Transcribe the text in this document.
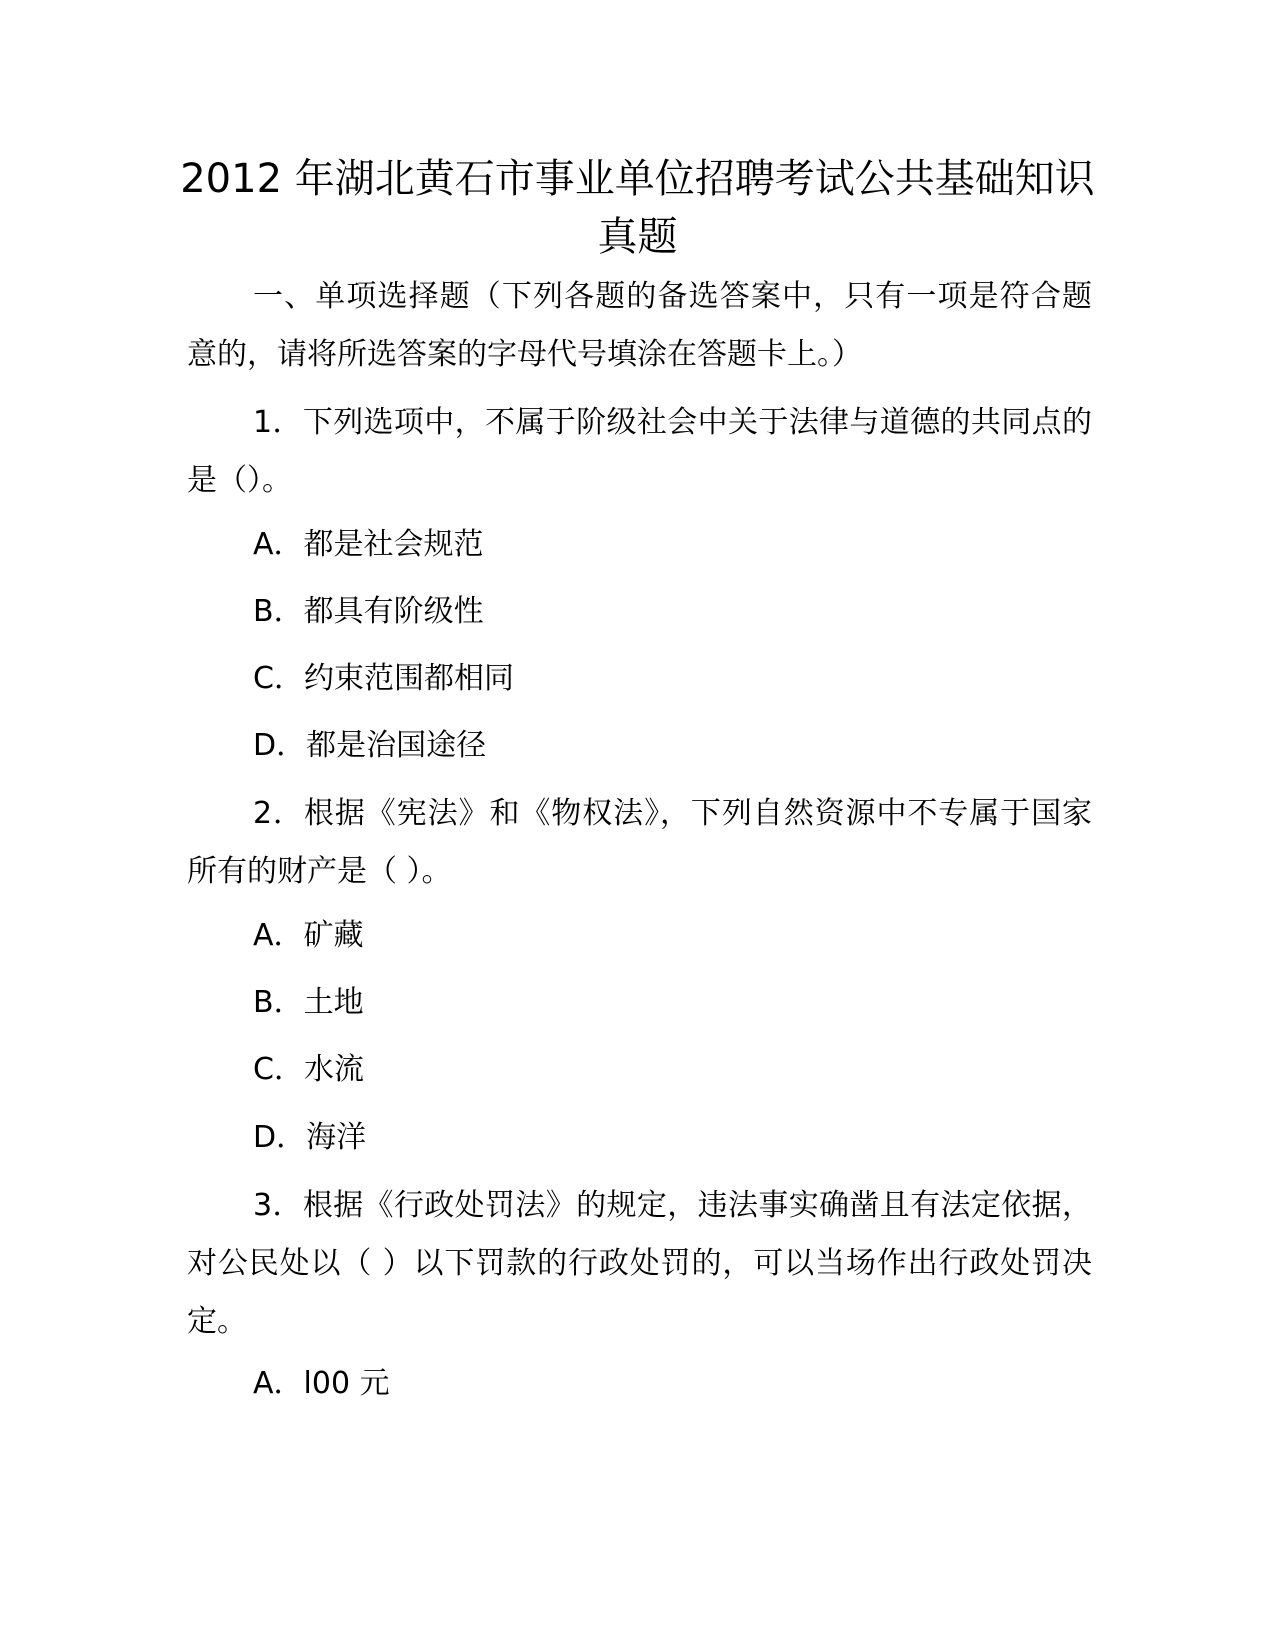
2012 年湖北黄石市事业单位招聘考试公共基础知识真题

一、单项选择题（下列各题的备选答案中，只有一项是符合题意的，请将所选答案的字母代号填涂在答题卡上。）

1．下列选项中，不属于阶级社会中关于法律与道德的共同点的是（）。

A．都是社会规范

B．都具有阶级性

C．约束范围都相同

D．都是治国途径

2．根据《宪法》和《物权法》，下列自然资源中不专属于国家所有的财产是（ ）。

A．矿藏

B．土地

C．水流

D．海洋

3．根据《行政处罚法》的规定，违法事实确凿且有法定依据，对公民处以（ ）以下罚款的行政处罚的，可以当场作出行政处罚决定。

A．l00 元
